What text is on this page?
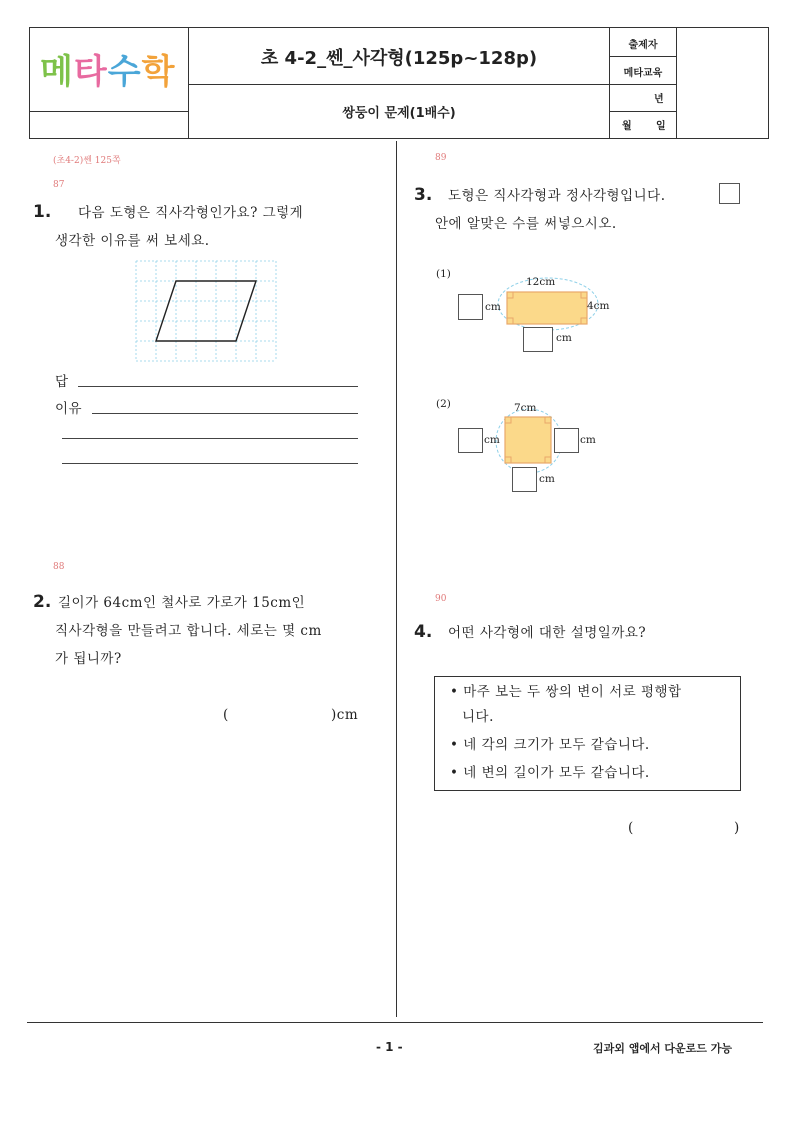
메타수학	초 4-2_쎈_사각형(125p~128p)
쌍둥이 문제(1배수)
출제자
메타교육
년
월 일
(초4-2)쎈 125쪽
87
1. 다음 도형은 직사각형인가요? 그렇게
생각한 이유를 써 보세요.
답
이유
88
2. 길이가 64cm인 철사로 가로가 15cm인
직사각형을 만들려고 합니다. 세로는 몇 cm
가 됩니까?
(	)cm
89
3. 도형은 직사각형과 정사각형입니다.
안에 알맞은 수를 써넣으시오.
(1)
12cm
4cm
cm
cm
(2)	7cm
cm	cm
cm
90
4. 어떤 사각형에 대한 설명일까요?
• 마주 보는 두 쌍의 변이 서로 평행합
니다.
• 네 각의 크기가 모두 같습니다.
• 네 변의 길이가 모두 같습니다.
(	)
- 1 -	김과외 앱에서 다운로드 가능
